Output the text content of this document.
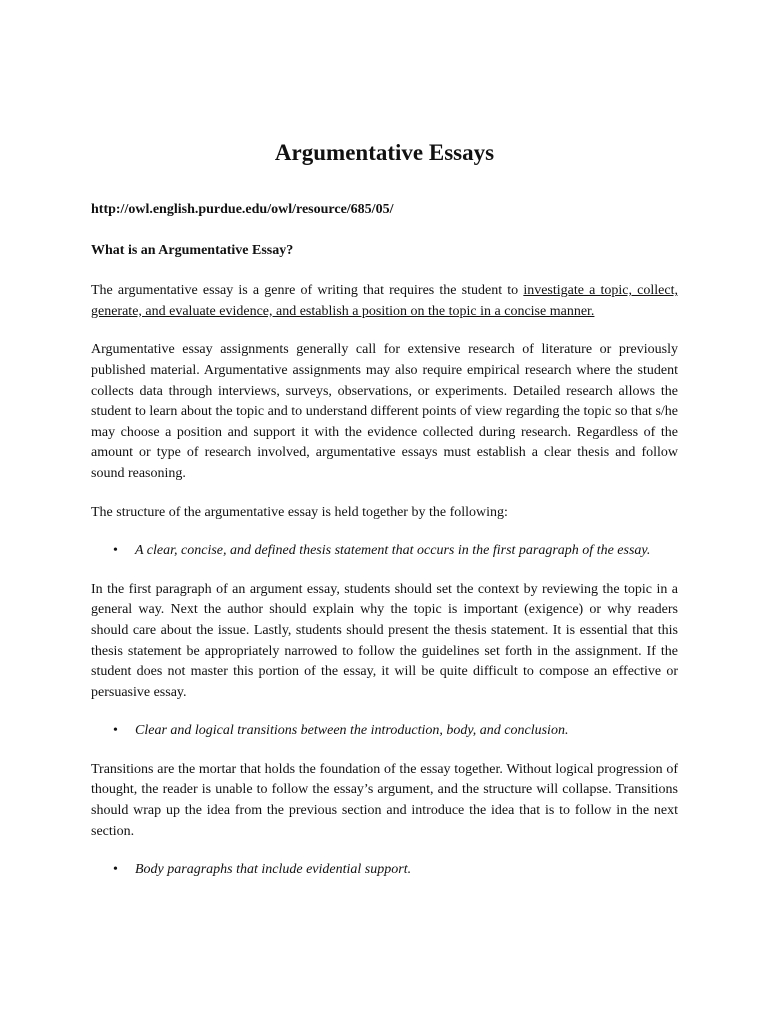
Argumentative Essays
http://owl.english.purdue.edu/owl/resource/685/05/
What is an Argumentative Essay?

The argumentative essay is a genre of writing that requires the student to investigate a topic, collect, generate, and evaluate evidence, and establish a position on the topic in a concise manner.

Argumentative essay assignments generally call for extensive research of literature or previously published material. Argumentative assignments may also require empirical research where the student collects data through interviews, surveys, observations, or experiments. Detailed research allows the student to learn about the topic and to understand different points of view regarding the topic so that s/he may choose a position and support it with the evidence collected during research. Regardless of the amount or type of research involved, argumentative essays must establish a clear thesis and follow sound reasoning.

The structure of the argumentative essay is held together by the following:

•	A clear, concise, and defined thesis statement that occurs in the first paragraph of the essay.

In the first paragraph of an argument essay, students should set the context by reviewing the topic in a general way. Next the author should explain why the topic is important (exigence) or why readers should care about the issue. Lastly, students should present the thesis statement. It is essential that this thesis statement be appropriately narrowed to follow the guidelines set forth in the assignment. If the student does not master this portion of the essay, it will be quite difficult to compose an effective or persuasive essay.

•	Clear and logical transitions between the introduction, body, and conclusion.

Transitions are the mortar that holds the foundation of the essay together. Without logical progression of thought, the reader is unable to follow the essay’s argument, and the structure will collapse. Transitions should wrap up the idea from the previous section and introduce the idea that is to follow in the next section.

•	Body paragraphs that include evidential support.
